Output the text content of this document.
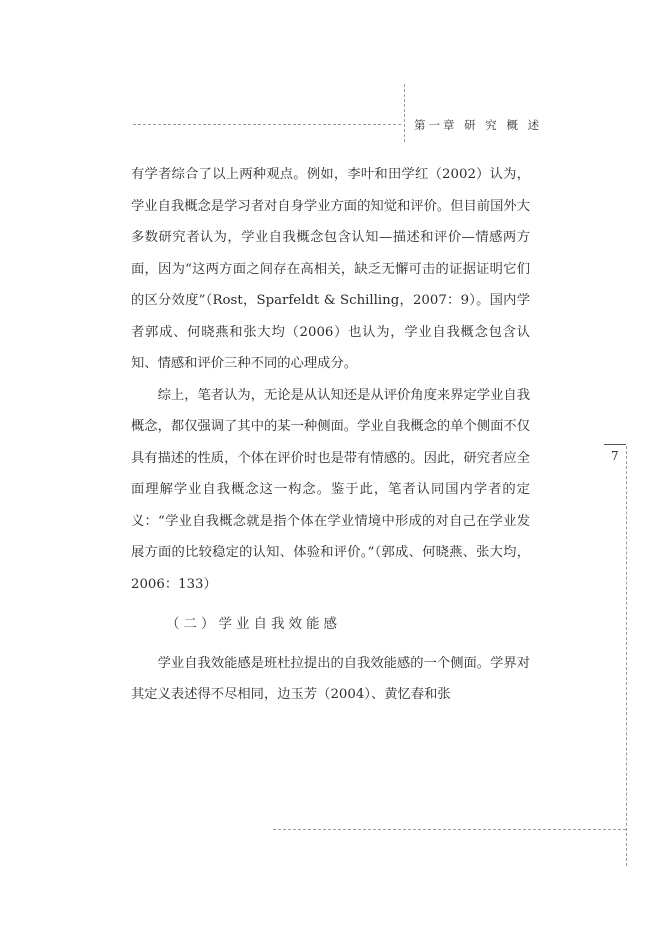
第一章 研 究 概 述
7

有学者综合了以上两种观点。例如，李叶和田学红（2002）认为，学业自我概念是学习者对自身学业方面的知觉和评价。但目前国外大多数研究者认为，学业自我概念包含认知—描述和评价—情感两方面，因为“这两方面之间存在高相关，缺乏无懈可击的证据证明它们的区分效度”（Rost，Sparfeldt & Schilling，2007：9）。国内学者郭成、何晓燕和张大均（2006）也认为，学业自我概念包含认知、情感和评价三种不同的心理成分。

综上，笔者认为，无论是从认知还是从评价角度来界定学业自我概念，都仅强调了其中的某一种侧面。学业自我概念的单个侧面不仅具有描述的性质，个体在评价时也是带有情感的。因此，研究者应全面理解学业自我概念这一构念。鉴于此，笔者认同国内学者的定义：“学业自我概念就是指个体在学业情境中形成的对自己在学业发展方面的比较稳定的认知、体验和评价。”（郭成、何晓燕、张大均，2006：133）

（二）学业自我效能感

学业自我效能感是班杜拉提出的自我效能感的一个侧面。学界对其定义表述得不尽相同，边玉芳（2004）、黄忆春和张
